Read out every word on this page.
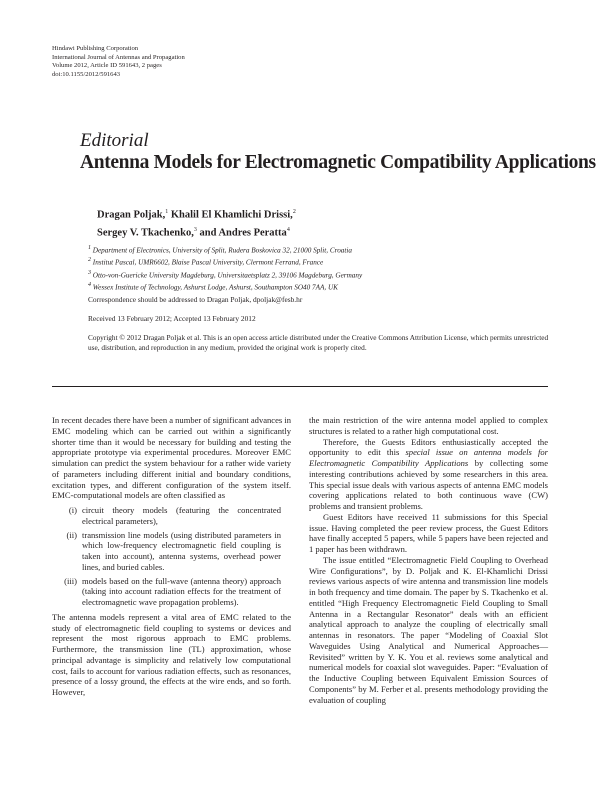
Hindawi Publishing Corporation
International Journal of Antennas and Propagation
Volume 2012, Article ID 591643, 2 pages
doi:10.1155/2012/591643
Editorial
Antenna Models for Electromagnetic Compatibility Applications
Dragan Poljak,$^1$ Khalil El Khamlichi Drissi,$^2$
Sergey V. Tkachenko,$^3$ and Andres Peratta$^4$
$^1$ Department of Electronics, University of Split, Rudera Boskovica 32, 21000 Split, Croatia
$^2$ Institut Pascal, UMR6602, Blaise Pascal University, Clermont Ferrand, France
$^3$ Otto-von-Guericke University Magdeburg, Universitaetsplatz 2, 39106 Magdeburg, Germany
$^4$ Wessex Institute of Technology, Ashurst Lodge, Ashurst, Southampton SO40 7AA, UK
Correspondence should be addressed to Dragan Poljak, dpoljak@fesb.hr
Received 13 February 2012; Accepted 13 February 2012
Copyright © 2012 Dragan Poljak et al. This is an open access article distributed under the Creative Commons Attribution License, which permits unrestricted use, distribution, and reproduction in any medium, provided the original work is properly cited.

In recent decades there have been a number of significant advances in EMC modeling which can be carried out within a significantly shorter time than it would be necessary for building and testing the appropriate prototype via experimental procedures. Moreover EMC simulation can predict the system behaviour for a rather wide variety of parameters including different initial and boundary conditions, excitation types, and different configuration of the system itself. EMC-computational models are often classified as

(i) circuit theory models (featuring the concentrated electrical parameters),
(ii) transmission line models (using distributed parameters in which low-frequency electromagnetic field coupling is taken into account), antenna systems, overhead power lines, and buried cables.
(iii) models based on the full-wave (antenna theory) approach (taking into account radiation effects for the treatment of electromagnetic wave propagation problems).

The antenna models represent a vital area of EMC related to the study of electromagnetic field coupling to systems or devices and represent the most rigorous approach to EMC problems. Furthermore, the transmission line (TL) approximation, whose principal advantage is simplicity and relatively low computational cost, fails to account for various radiation effects, such as resonances, presence of a lossy ground, the effects at the wire ends, and so forth. However,

the main restriction of the wire antenna model applied to complex structures is related to a rather high computational cost.

Therefore, the Guests Editors enthusiastically accepted the opportunity to edit this special issue on antenna models for Electromagnetic Compatibility Applications by collecting some interesting contributions achieved by some researchers in this area. This special issue deals with various aspects of antenna EMC models covering applications related to both continuous wave (CW) problems and transient problems.

Guest Editors have received 11 submissions for this Special issue. Having completed the peer review process, the Guest Editors have finally accepted 5 papers, while 5 papers have been rejected and 1 paper has been withdrawn.

The issue entitled “Electromagnetic Field Coupling to Overhead Wire Configurations”, by D. Poljak and K. El-Khamlichi Drissi reviews various aspects of wire antenna and transmission line models in both frequency and time domain. The paper by S. Tkachenko et al. entitled “High Frequency Electromagnetic Field Coupling to Small Antenna in a Rectangular Resonator” deals with an efficient analytical approach to analyze the coupling of electrically small antennas in resonators. The paper “Modeling of Coaxial Slot Waveguides Using Analytical and Numerical Approaches—Revisited” written by Y. K. You et al. reviews some analytical and numerical models for coaxial slot waveguides. Paper: “Evaluation of the Inductive Coupling between Equivalent Emission Sources of Components” by M. Ferber et al. presents methodology providing the evaluation of coupling
